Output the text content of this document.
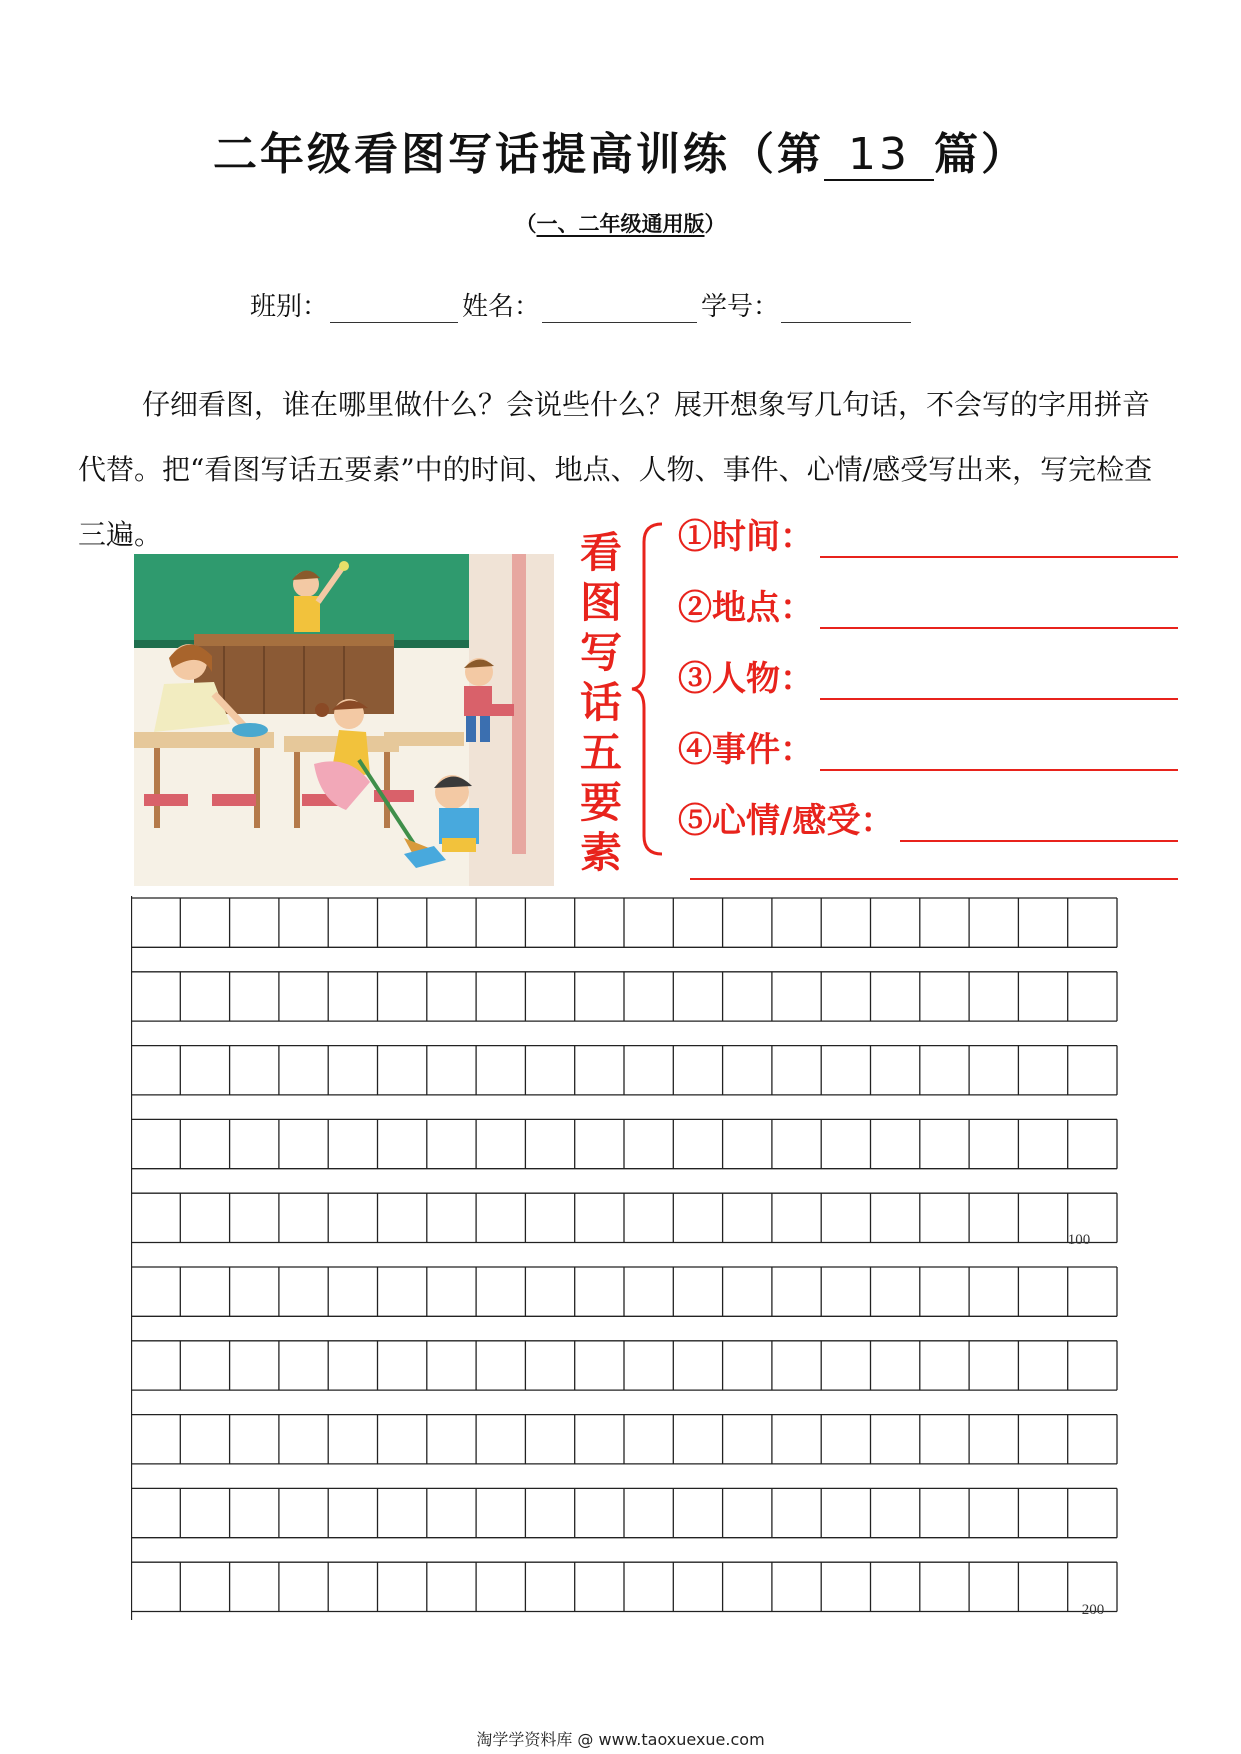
二年级看图写话提高训练（第 13 篇）
（一、二年级通用版）
班别：	姓名：	学号：
仔细看图，谁在哪里做什么？会说些什么？展开想象写几句话，不会写的字用拼音代替。把“看图写话五要素”中的时间、地点、人物、事件、心情/感受写出来，写完检查三遍。	看
图
写
话
五
要
素
①时间：
②地点：
③人物：
④事件：
⑤心情/感受：
100
200
淘学学资料库 @ www.taoxuexue.com
